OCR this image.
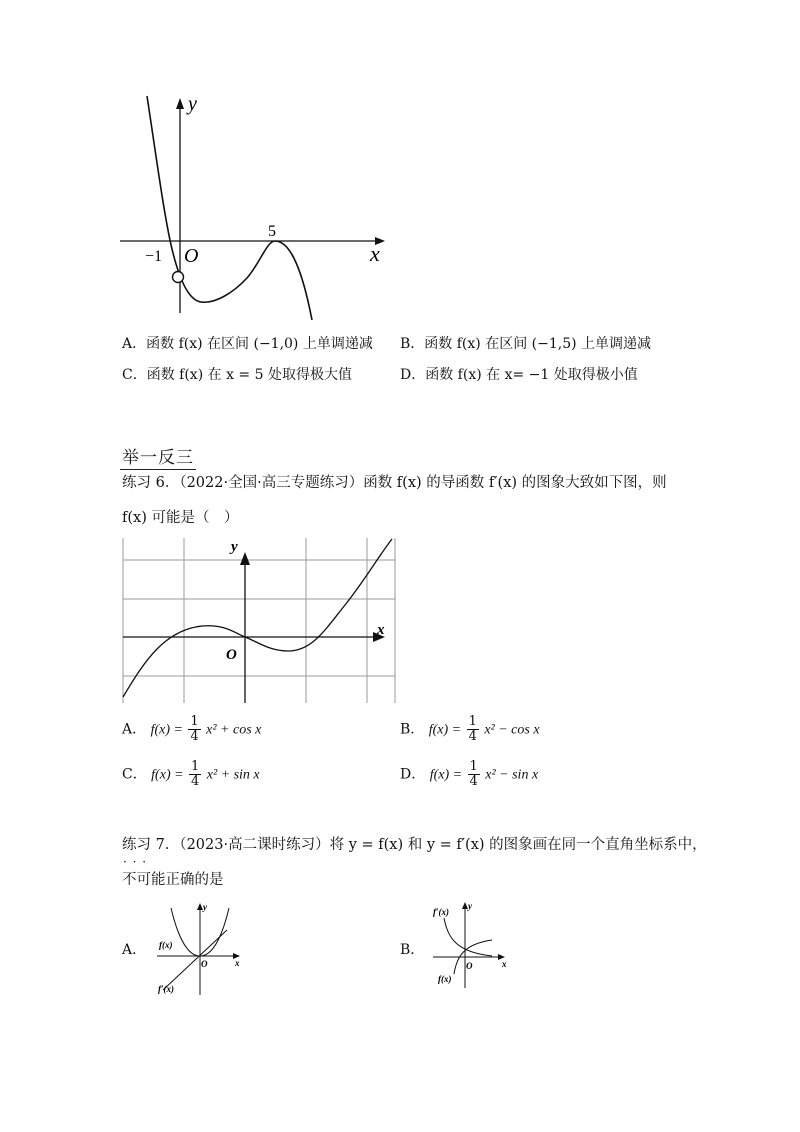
y
x
O
−1
5
A．函数 f(x) 在区间 (−1,0) 上单调递减 B．函数 f(x) 在区间 (−1,5) 上单调递减
C．函数 f(x) 在 x = 5 处取得极大值	D．函数 f(x) 在 x= −1 处取得极小值
举一反三
练习 6．（2022·全国·高三专题练习）函数 f(x) 的导函数 f′(x) 的图象大致如下图，则
f(x) 可能是（　）
y
x
O
A． $f(x) = \frac{1}{4} x^2 + \cos x$	B． $f(x) = \frac{1}{4} x^2 - \cos x$
C． $f(x) = \frac{1}{4} x^2 + \sin x$	D． $f(x) = \frac{1}{4} x^2 - \sin x$
练习 7．（2023·高二课时练习）将 y = f(x) 和 y = f′(x) 的图象画在同一个直角坐标系中，
· · ·
不可能正确的是
A．
y
x
O
f(x)
f′(x)
B．
y
x
O
f′(x)
f(x)
